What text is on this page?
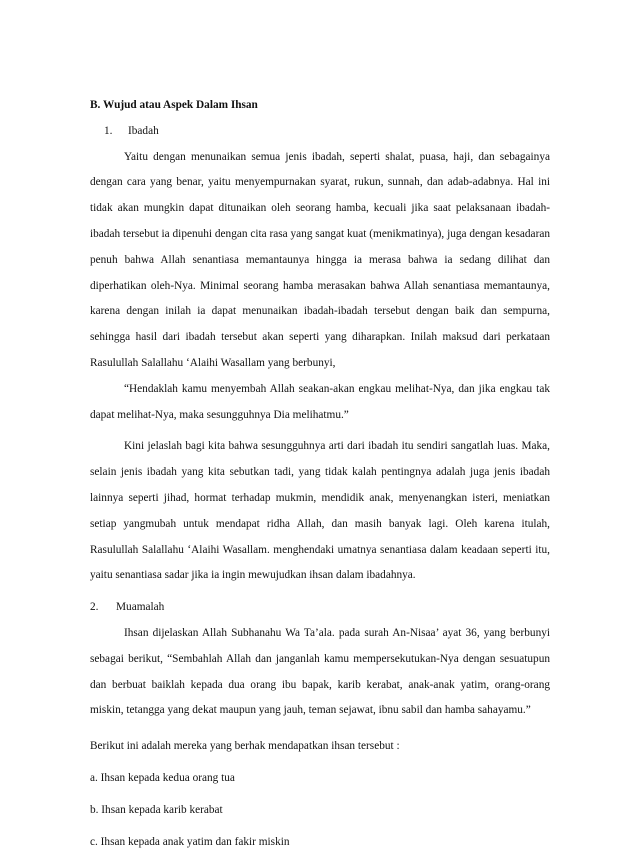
B. Wujud atau Aspek Dalam Ihsan

1. Ibadah

Yaitu dengan menunaikan semua jenis ibadah, seperti shalat, puasa, haji, dan sebagainya dengan cara yang benar, yaitu menyempurnakan syarat, rukun, sunnah, dan adab-adabnya. Hal ini tidak akan mungkin dapat ditunaikan oleh seorang hamba, kecuali jika saat pelaksanaan ibadah-ibadah tersebut ia dipenuhi dengan cita rasa yang sangat kuat (menikmatinya), juga dengan kesadaran penuh bahwa Allah senantiasa memantaunya hingga ia merasa bahwa ia sedang dilihat dan diperhatikan oleh-Nya. Minimal seorang hamba merasakan bahwa Allah senantiasa memantaunya, karena dengan inilah ia dapat menunaikan ibadah-ibadah tersebut dengan baik dan sempurna, sehingga hasil dari ibadah tersebut akan seperti yang diharapkan. Inilah maksud dari perkataan Rasulullah Salallahu ‘Alaihi Wasallam yang berbunyi,

“Hendaklah kamu menyembah Allah seakan-akan engkau melihat-Nya, dan jika engkau tak dapat melihat-Nya, maka sesungguhnya Dia melihatmu.”

Kini jelaslah bagi kita bahwa sesungguhnya arti dari ibadah itu sendiri sangatlah luas. Maka, selain jenis ibadah yang kita sebutkan tadi, yang tidak kalah pentingnya adalah juga jenis ibadah lainnya seperti jihad, hormat terhadap mukmin, mendidik anak, menyenangkan isteri, meniatkan setiap yangmubah untuk mendapat ridha Allah, dan masih banyak lagi. Oleh karena itulah, Rasulullah Salallahu ‘Alaihi Wasallam. menghendaki umatnya senantiasa dalam keadaan seperti itu, yaitu senantiasa sadar jika ia ingin mewujudkan ihsan dalam ibadahnya.

2. Muamalah

Ihsan dijelaskan Allah Subhanahu Wa Ta’ala. pada surah An-Nisaa’ ayat 36, yang berbunyi sebagai berikut, “Sembahlah Allah dan janganlah kamu mempersekutukan-Nya dengan sesuatupun dan berbuat baiklah kepada dua orang ibu bapak, karib kerabat, anak-anak yatim, orang-orang miskin, tetangga yang dekat maupun yang jauh, teman sejawat, ibnu sabil dan hamba sahayamu.”

Berikut ini adalah mereka yang berhak mendapatkan ihsan tersebut :

a. Ihsan kepada kedua orang tua

b. Ihsan kepada karib kerabat

c. Ihsan kepada anak yatim dan fakir miskin
